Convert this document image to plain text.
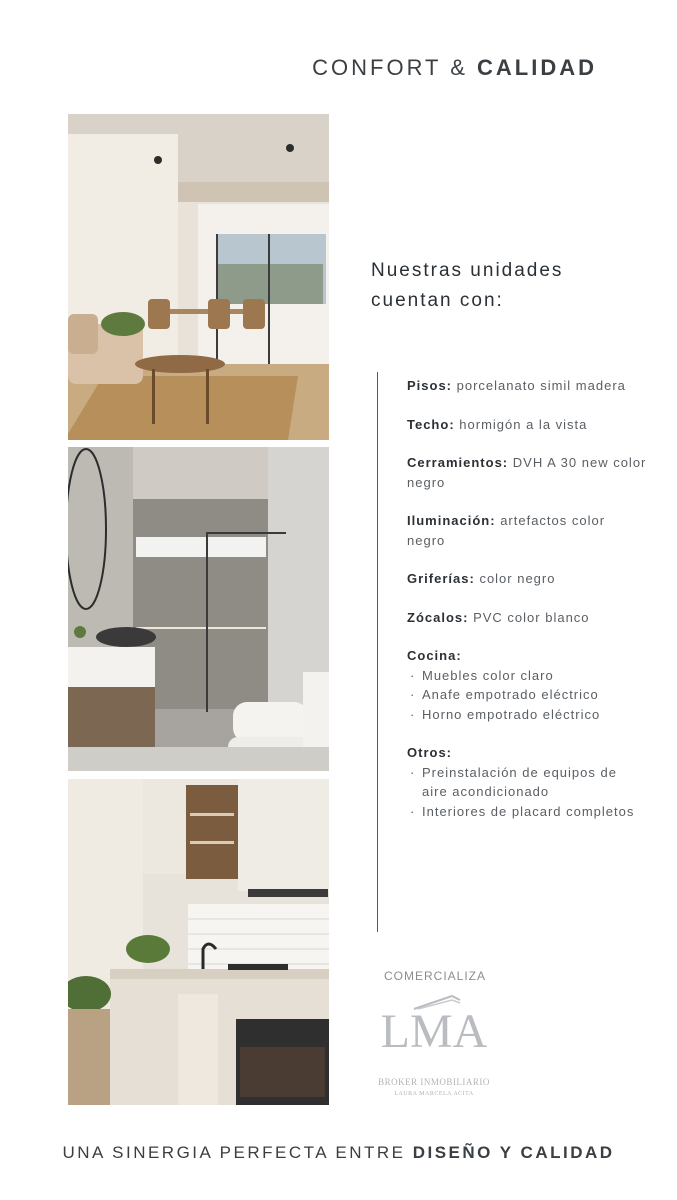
CONFORT & CALIDAD
Nuestras unidades
cuentan con:
Pisos: porcelanato simil madera
Techo: hormigón a la vista
Cerramientos: DVH A 30 new color negro
Iluminación: artefactos color negro
Griferías: color negro
Zócalos: PVC color blanco
Cocina:
· Muebles color claro
· Anafe empotrado eléctrico
· Horno empotrado eléctrico
Otros:
· Preinstalación de equipos de aire acondicionado
· Interiores de placard completos
COMERCIALIZA
LMA
BROKER INMOBILIARIO
LAURA MARCELA ACITA
UNA SINERGIA PERFECTA ENTRE DISEÑO Y CALIDAD
